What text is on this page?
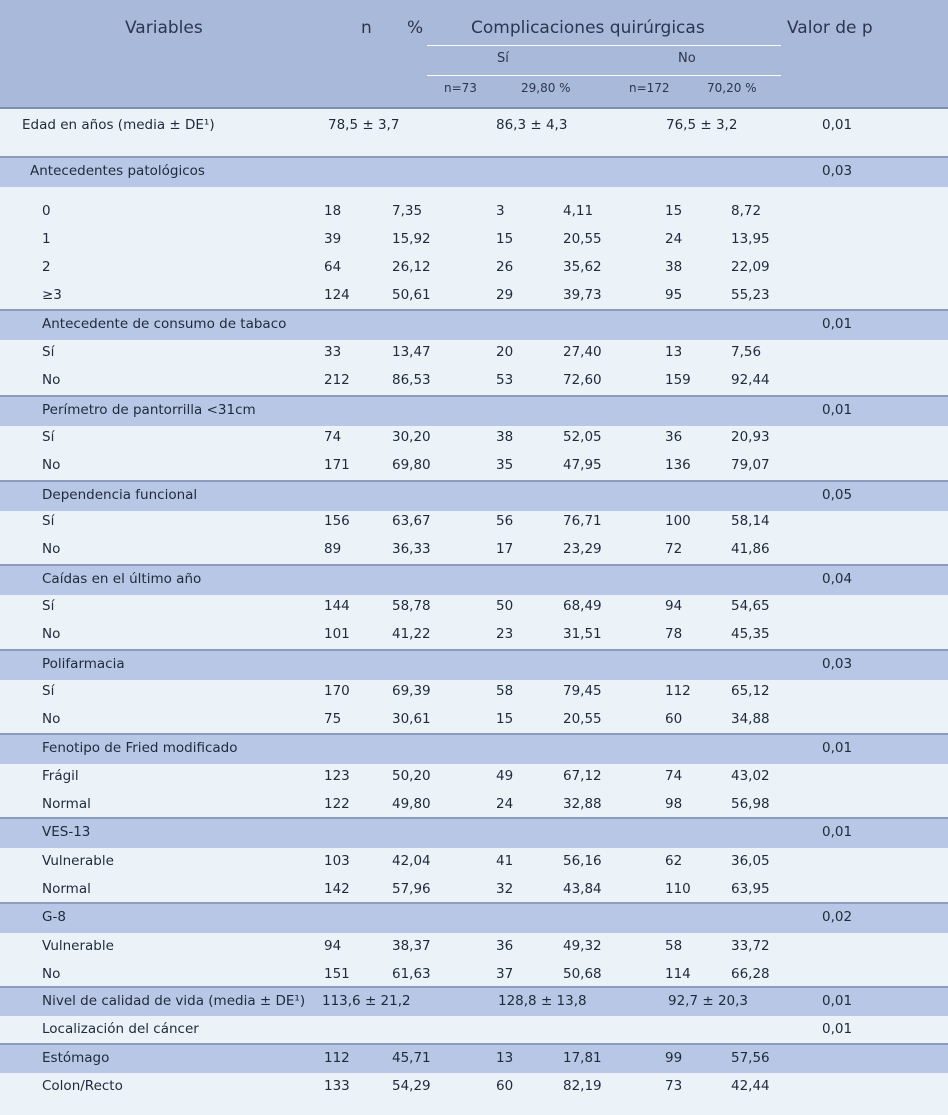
Variables	n %	Complicaciones quirúrgicas	Valor de p
Sí	No
n=73	29,80 %	n=172	70,20 %
Edad en años (media ± DE¹)	78,5 ± 3,7	86,3 ± 4,3	76,5 ± 3,2	0,01
Antecedentes patológicos	0,03
0	18	7,35	3	4,11	15	8,72
1	39	15,92	15	20,55	24	13,95
2	64	26,12	26	35,62	38	22,09
≥3	124	50,61	29	39,73	95	55,23
Antecedente de consumo de tabaco	0,01
Sí	33	13,47	20	27,40	13	7,56
No	212	86,53	53	72,60	159	92,44
Perímetro de pantorrilla <31cm	0,01
Sí	74	30,20	38	52,05	36	20,93
No	171	69,80	35	47,95	136	79,07
Dependencia funcional	0,05
Sí	156	63,67	56	76,71	100	58,14
No	89	36,33	17	23,29	72	41,86
Caídas en el último año	0,04
Sí	144	58,78	50	68,49	94	54,65
No	101	41,22	23	31,51	78	45,35
Polifarmacia	0,03
Sí	170	69,39	58	79,45	112	65,12
No	75	30,61	15	20,55	60	34,88
Fenotipo de Fried modificado	0,01
Frágil	123	50,20	49	67,12	74	43,02
Normal	122	49,80	24	32,88	98	56,98
VES-13	0,01
Vulnerable	103	42,04	41	56,16	62	36,05
Normal	142	57,96	32	43,84	110	63,95
G-8	0,02
Vulnerable	94	38,37	36	49,32	58	33,72
No	151	61,63	37	50,68	114	66,28
Nivel de calidad de vida (media ± DE¹) 113,6 ± 21,2	128,8 ± 13,8	92,7 ± 20,3	0,01
Localización del cáncer	0,01
Estómago	112	45,71	13	17,81	99	57,56
Colon/Recto	133	54,29	60	82,19	73	42,44
